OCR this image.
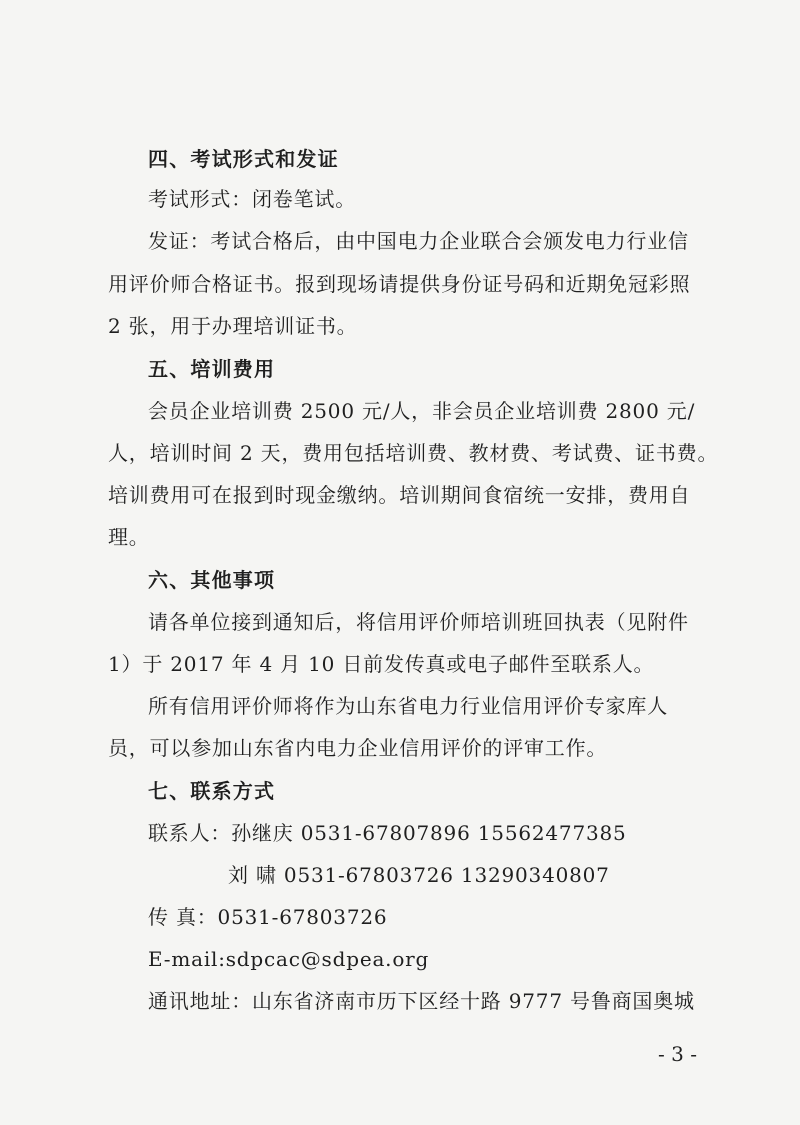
四、考试形式和发证
考试形式：闭卷笔试。
发证：考试合格后，由中国电力企业联合会颁发电力行业信
用评价师合格证书。报到现场请提供身份证号码和近期免冠彩照
2 张，用于办理培训证书。
五、培训费用
会员企业培训费 2500 元/人，非会员企业培训费 2800 元/
人，培训时间 2 天，费用包括培训费、教材费、考试费、证书费。
培训费用可在报到时现金缴纳。培训期间食宿统一安排，费用自
理。
六、其他事项
请各单位接到通知后，将信用评价师培训班回执表（见附件
1）于 2017 年 4 月 10 日前发传真或电子邮件至联系人。
所有信用评价师将作为山东省电力行业信用评价专家库人
员，可以参加山东省内电力企业信用评价的评审工作。
七、联系方式
联系人：孙继庆 0531-67807896 15562477385
刘 啸 0531-67803726 13290340807
传 真：0531-67803726
E-mail:sdpcac@sdpea.org
通讯地址：山东省济南市历下区经十路 9777 号鲁商国奥城
- 3 -
